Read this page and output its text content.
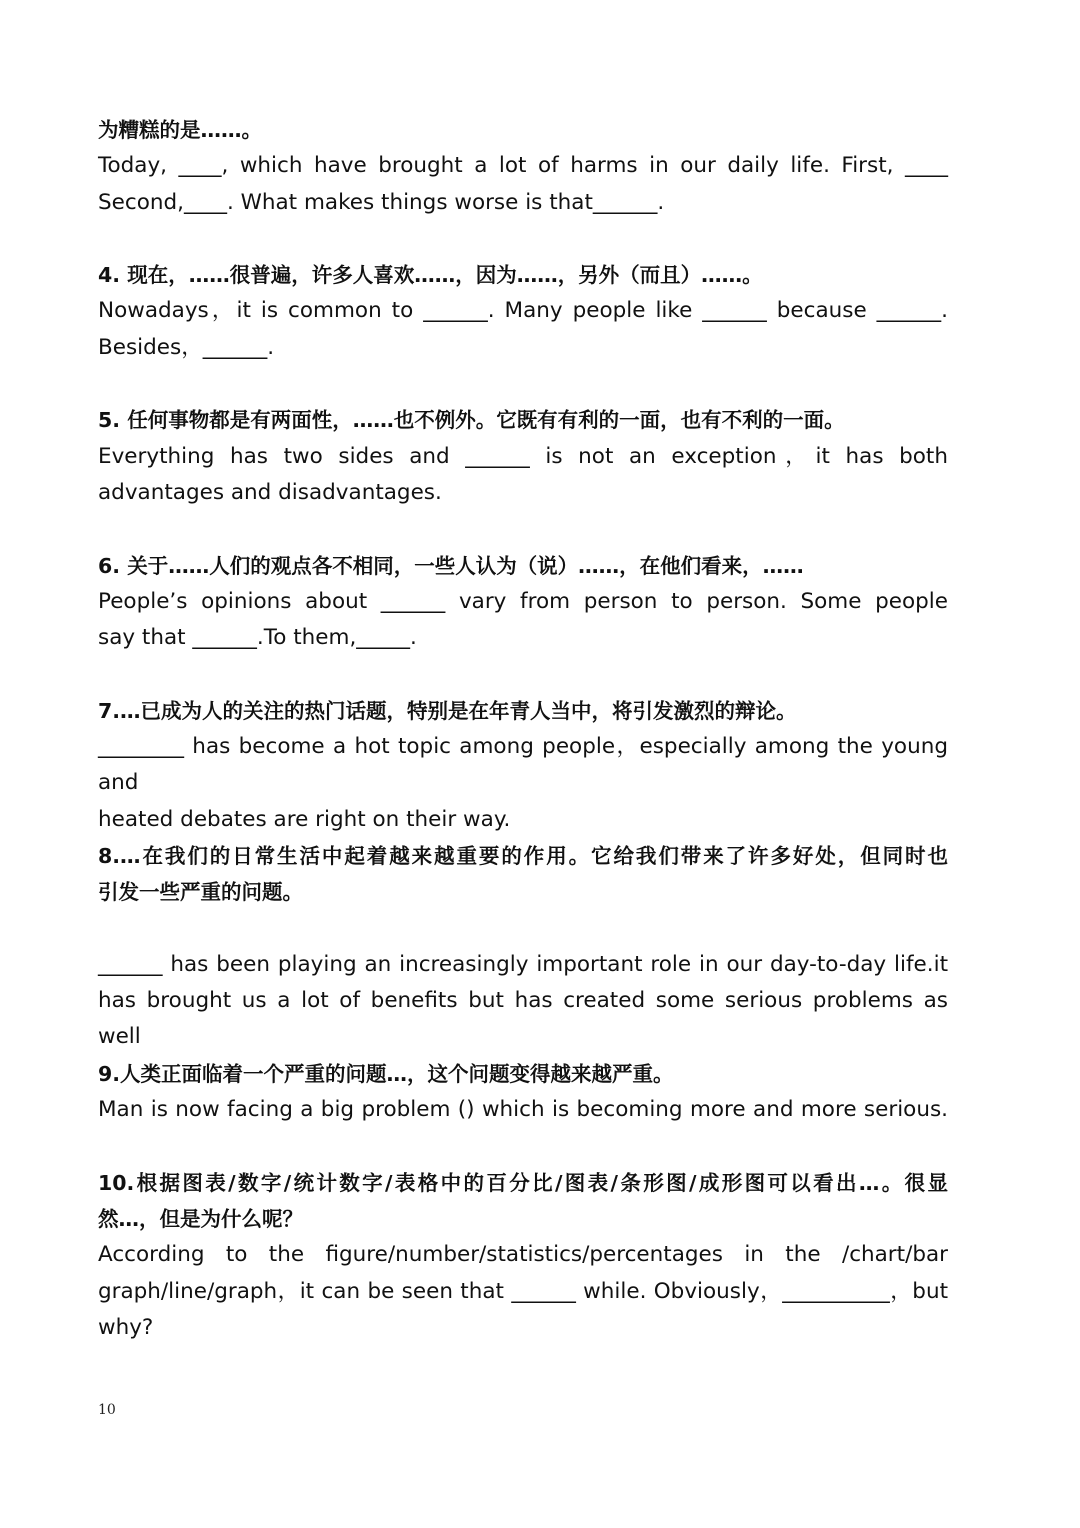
为糟糕的是……。

Today, ____, which have brought a lot of harms in our daily life. First, ____

Second,____. What makes things worse is that______.

4. 现在，……很普遍，许多人喜欢……，因为……，另外（而且）……。

Nowadays，it is common to ______. Many people like ______ because ______.

Besides，______.

5. 任何事物都是有两面性，……也不例外。它既有有利的一面，也有不利的一面。

Everything has two sides and ______ is not an exception，it has both

advantages and disadvantages.

6. 关于……人们的观点各不相同，一些人认为（说）……，在他们看来，……

People’s opinions about ______ vary from person to person. Some people

say that ______.To them,_____.

7.…已成为人的关注的热门话题，特别是在年青人当中，将引发激烈的辩论。

________ has become a hot topic among people，especially among the young

and

heated debates are right on their way.

8.…在我们的日常生活中起着越来越重要的作用。它给我们带来了许多好处，但同时也

引发一些严重的问题。

______ has been playing an increasingly important role in our day-to-day life.it

has brought us a lot of benefits but has created some serious problems as

well

9.人类正面临着一个严重的问题…，这个问题变得越来越严重。

Man is now facing a big problem () which is becoming more and more serious.

10.根据图表/数字/统计数字/表格中的百分比/图表/条形图/成形图可以看出…。很显

然…，但是为什么呢？

According to the figure/number/statistics/percentages in the /chart/bar

graph/line/graph，it can be seen that ______ while. Obviously，__________，but

why?

10
